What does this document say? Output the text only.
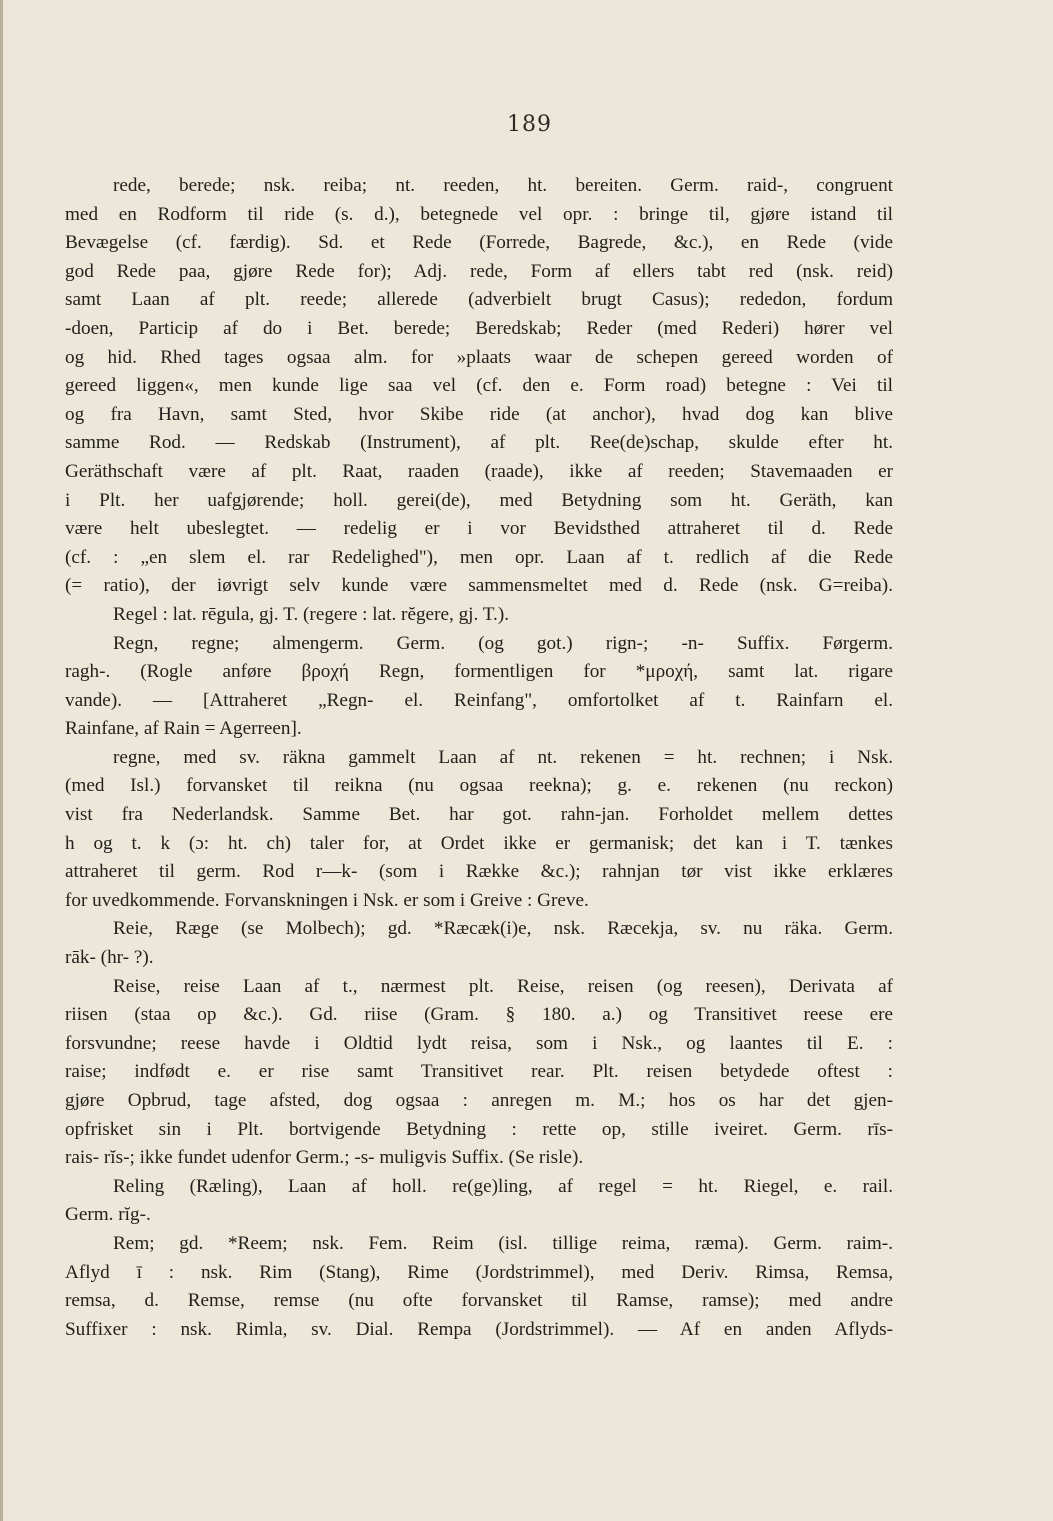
189
rede, berede; nsk. reiba; nt. reeden, ht. bereiten. Germ. raid-, congruent
med en Rodform til ride (s. d.), betegnede vel opr. : bringe til, gjøre istand til
Bevægelse (cf. færdig). Sd. et Rede (Forrede, Bagrede, &c.), en Rede (vide
god Rede paa, gjøre Rede for); Adj. rede, Form af ellers tabt red (nsk. reid)
samt Laan af plt. reede; allerede (adverbielt brugt Casus); rededon, fordum
-doen, Particip af do i Bet. berede; Beredskab; Reder (med Rederi) hører vel
og hid. Rhed tages ogsaa alm. for »plaats waar de schepen gereed worden of
gereed liggen«, men kunde lige saa vel (cf. den e. Form road) betegne : Vei til
og fra Havn, samt Sted, hvor Skibe ride (at anchor), hvad dog kan blive
samme Rod. — Redskab (Instrument), af plt. Ree(de)schap, skulde efter ht.
Geräthschaft være af plt. Raat, raaden (raade), ikke af reeden; Stavemaaden er
i Plt. her uafgjørende; holl. gerei(de), med Betydning som ht. Geräth, kan
være helt ubeslegtet. — redelig er i vor Bevidsthed attraheret til d. Rede
(cf. : „en slem el. rar Redelighed"), men opr. Laan af t. redlich af die Rede
(= ratio), der iøvrigt selv kunde være sammensmeltet med d. Rede (nsk. G=reiba).
Regel : lat. rēgula, gj. T. (regere : lat. rĕgere, gj. T.).
Regn, regne; almengerm. Germ. (og got.) rign-; -n- Suffix. Førgerm.
ragh-. (Rogle anføre βροχή Regn, formentligen for *μροχή, samt lat. rigare
vande). — [Attraheret „Regn- el. Reinfang", omfortolket af t. Rainfarn el.
Rainfane, af Rain = Agerreen].
regne, med sv. räkna gammelt Laan af nt. rekenen = ht. rechnen; i Nsk.
(med Isl.) forvansket til reikna (nu ogsaa reekna); g. e. rekenen (nu reckon)
vist fra Nederlandsk. Samme Bet. har got. rahn-jan. Forholdet mellem dettes
h og t. k (ɔ: ht. ch) taler for, at Ordet ikke er germanisk; det kan i T. tænkes
attraheret til germ. Rod r—k- (som i Række &c.); rahnjan tør vist ikke erklæres
for uvedkommende. Forvanskningen i Nsk. er som i Greive : Greve.
Reie, Ræge (se Molbech); gd. *Ræcæk(i)e, nsk. Ræcekja, sv. nu räka. Germ.
rāk- (hr- ?).
Reise, reise Laan af t., nærmest plt. Reise, reisen (og reesen), Derivata af
riisen (staa op &c.). Gd. riise (Gram. § 180. a.) og Transitivet reese ere
forsvundne; reese havde i Oldtid lydt reisa, som i Nsk., og laantes til E. :
raise; indfødt e. er rise samt Transitivet rear. Plt. reisen betydede oftest :
gjøre Opbrud, tage afsted, dog ogsaa : anregen m. M.; hos os har det gjen-
opfrisket sin i Plt. bortvigende Betydning : rette op, stille iveiret. Germ. rīs-
rais- rĭs-; ikke fundet udenfor Germ.; -s- muligvis Suffix. (Se risle).
Reling (Ræling), Laan af holl. re(ge)ling, af regel = ht. Riegel, e. rail.
Germ. rĭg-.
Rem; gd. *Reem; nsk. Fem. Reim (isl. tillige reima, ræma). Germ. raim-.
Aflyd ī : nsk. Rim (Stang), Rime (Jordstrimmel), med Deriv. Rimsa, Remsa,
remsa, d. Remse, remse (nu ofte forvansket til Ramse, ramse); med andre
Suffixer : nsk. Rimla, sv. Dial. Rempa (Jordstrimmel). — Af en anden Aflyds-
